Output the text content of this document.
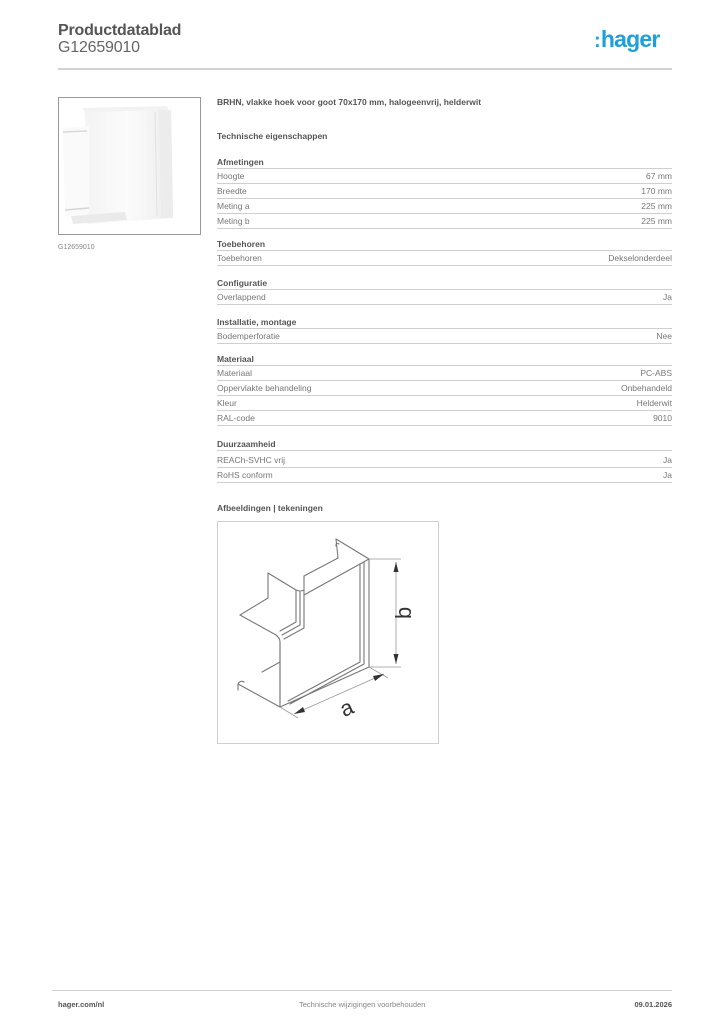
Productdatablad
G12659010	:hager
G12659010
BRHN, vlakke hoek voor goot 70x170 mm, halogeenvrij, helderwit
Technische eigenschappen
Afmetingen
Hoogte	67 mm
Breedte	170 mm
Meting a	225 mm
Meting b	225 mm
Toebehoren
Toebehoren	Dekselonderdeel
Configuratie
Overlappend	Ja
Installatie, montage
Bodemperforatie	Nee
Materiaal
Materiaal	PC-ABS
Oppervlakte behandeling	Onbehandeld
Kleur	Helderwit
RAL-code	9010
Duurzaamheid
REACh-SVHC vrij	Ja
RoHS conform	Ja
Afbeeldingen | tekeningen
b
a
hager.com/nl	Technische wijzigingen voorbehouden	09.01.2026
